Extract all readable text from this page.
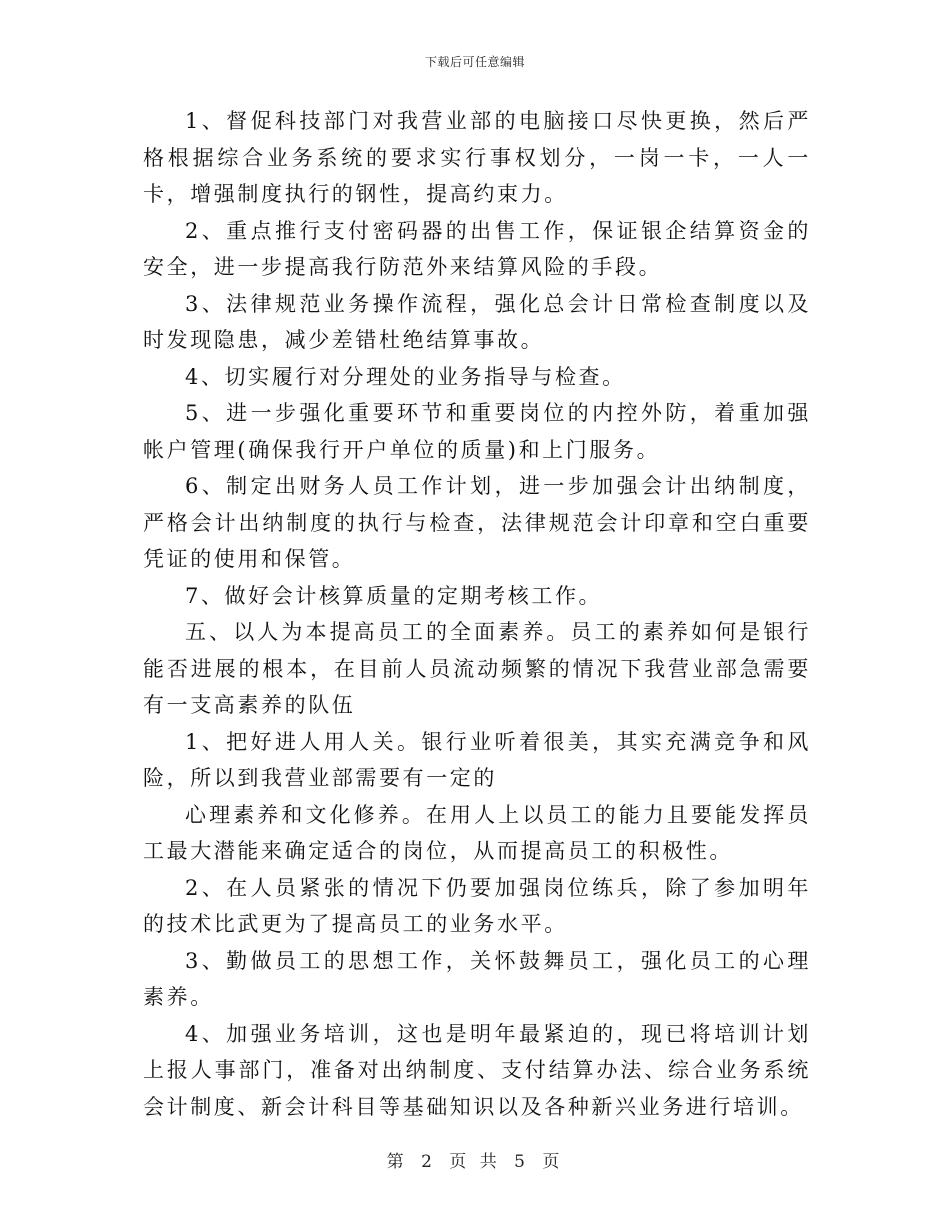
下载后可任意编辑

1、督促科技部门对我营业部的电脑接口尽快更换，然后严格根据综合业务系统的要求实行事权划分，一岗一卡，一人一卡，增强制度执行的钢性，提高约束力。

2、重点推行支付密码器的出售工作，保证银企结算资金的安全，进一步提高我行防范外来结算风险的手段。

3、法律规范业务操作流程，强化总会计日常检查制度以及时发现隐患，减少差错杜绝结算事故。

4、切实履行对分理处的业务指导与检查。

5、进一步强化重要环节和重要岗位的内控外防，着重加强帐户管理(确保我行开户单位的质量)和上门服务。

6、制定出财务人员工作计划，进一步加强会计出纳制度，严格会计出纳制度的执行与检查，法律规范会计印章和空白重要凭证的使用和保管。

7、做好会计核算质量的定期考核工作。

五、以人为本提高员工的全面素养。员工的素养如何是银行能否进展的根本，在目前人员流动频繁的情况下我营业部急需要有一支高素养的队伍

1、把好进人用人关。银行业听着很美，其实充满竞争和风险，所以到我营业部需要有一定的

心理素养和文化修养。在用人上以员工的能力且要能发挥员工最大潜能来确定适合的岗位，从而提高员工的积极性。

2、在人员紧张的情况下仍要加强岗位练兵，除了参加明年的技术比武更为了提高员工的业务水平。

3、勤做员工的思想工作，关怀鼓舞员工，强化员工的心理素养。

4、加强业务培训，这也是明年最紧迫的，现已将培训计划上报人事部门，准备对出纳制度、支付结算办法、综合业务系统会计制度、新会计科目等基础知识以及各种新兴业务进行培训。

第 2 页 共 5 页
